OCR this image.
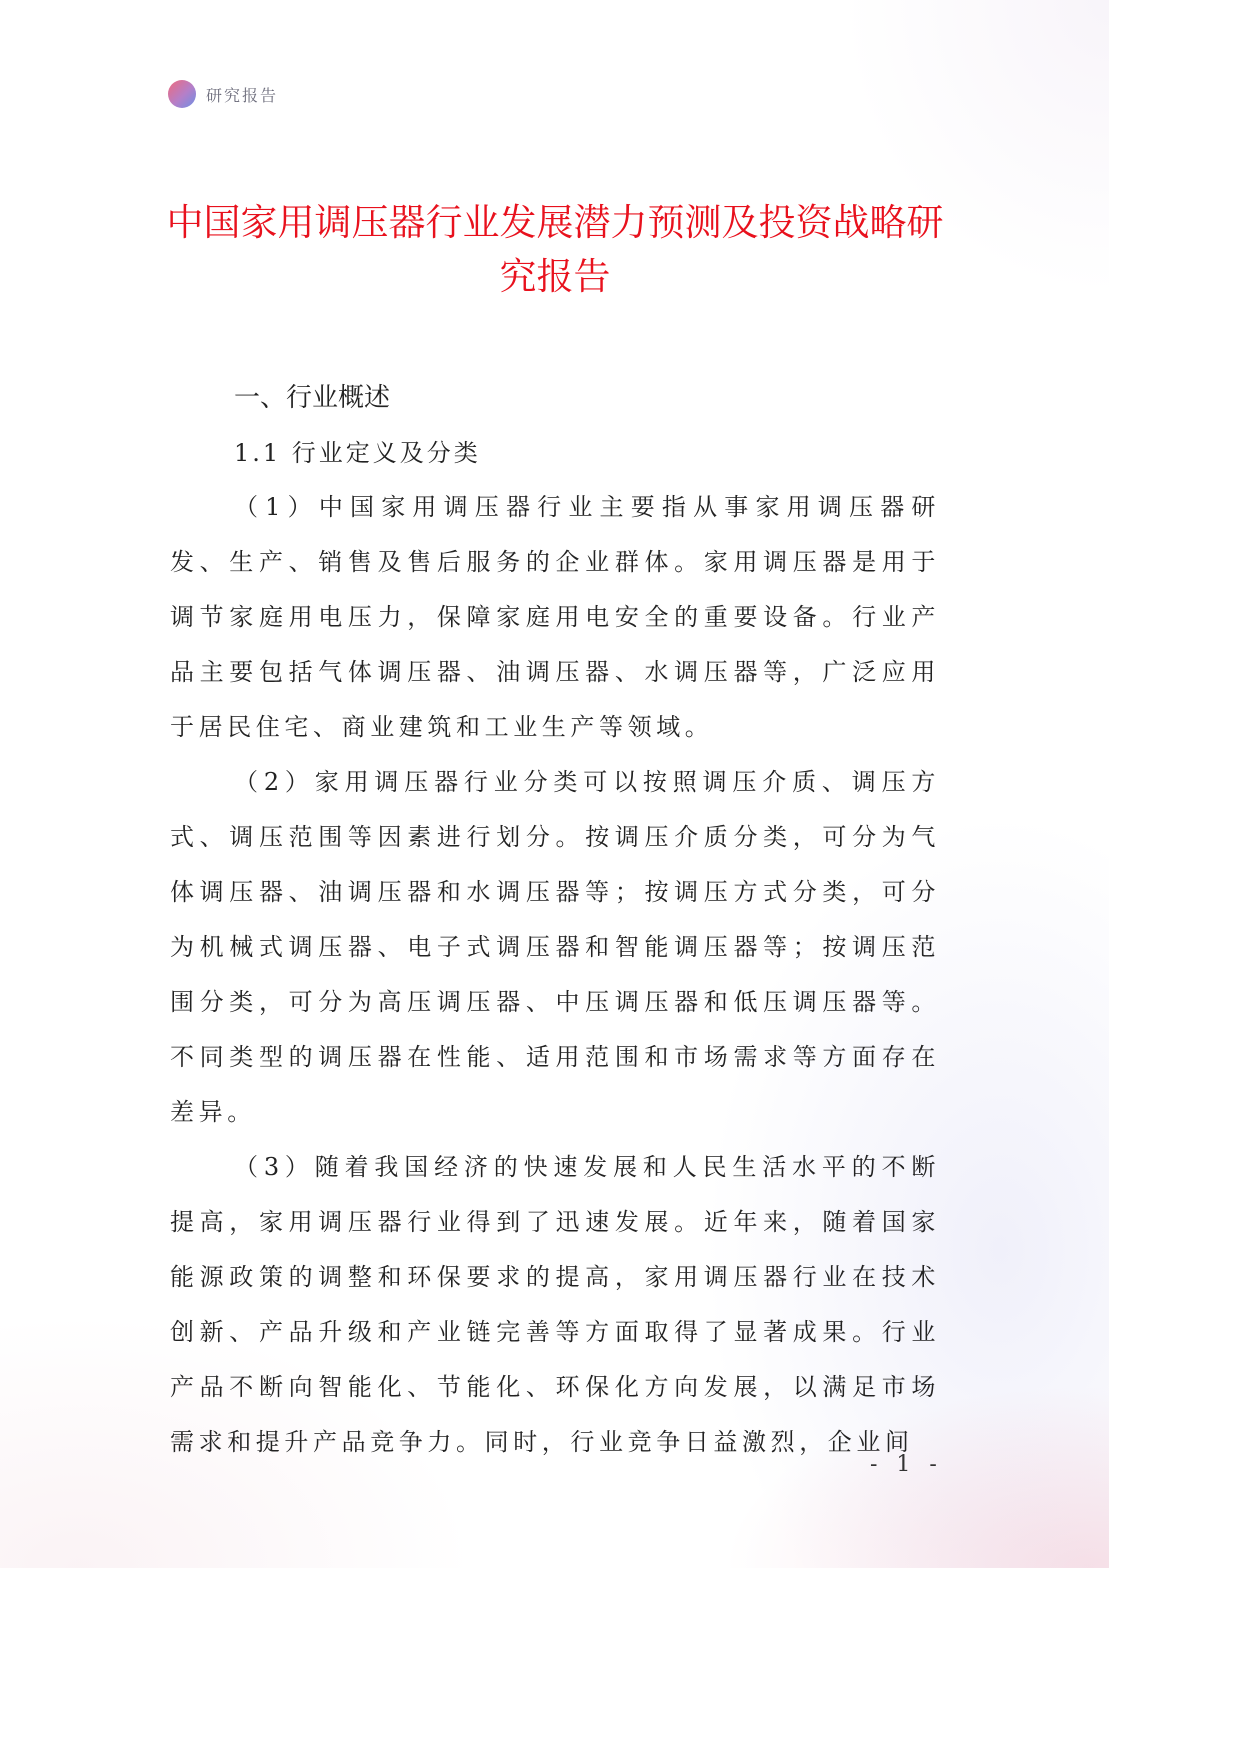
研究报告
中国家用调压器行业发展潜力预测及投资战略研究报告
一、行业概述
1.1 行业定义及分类

（1）中国家用调压器行业主要指从事家用调压器研发、生产、销售及售后服务的企业群体。家用调压器是用于调节家庭用电压力，保障家庭用电安全的重要设备。行业产品主要包括气体调压器、油调压器、水调压器等，广泛应用于居民住宅、商业建筑和工业生产等领域。

（2）家用调压器行业分类可以按照调压介质、调压方式、调压范围等因素进行划分。按调压介质分类，可分为气体调压器、油调压器和水调压器等；按调压方式分类，可分为机械式调压器、电子式调压器和智能调压器等；按调压范围分类，可分为高压调压器、中压调压器和低压调压器等。不同类型的调压器在性能、适用范围和市场需求等方面存在差异。

（3）随着我国经济的快速发展和人民生活水平的不断提高，家用调压器行业得到了迅速发展。近年来，随着国家能源政策的调整和环保要求的提高，家用调压器行业在技术创新、产品升级和产业链完善等方面取得了显著成果。行业产品不断向智能化、节能化、环保化方向发展，以满足市场需求和提升产品竞争力。同时，行业竞争日益激烈，企业间

- 1 -
